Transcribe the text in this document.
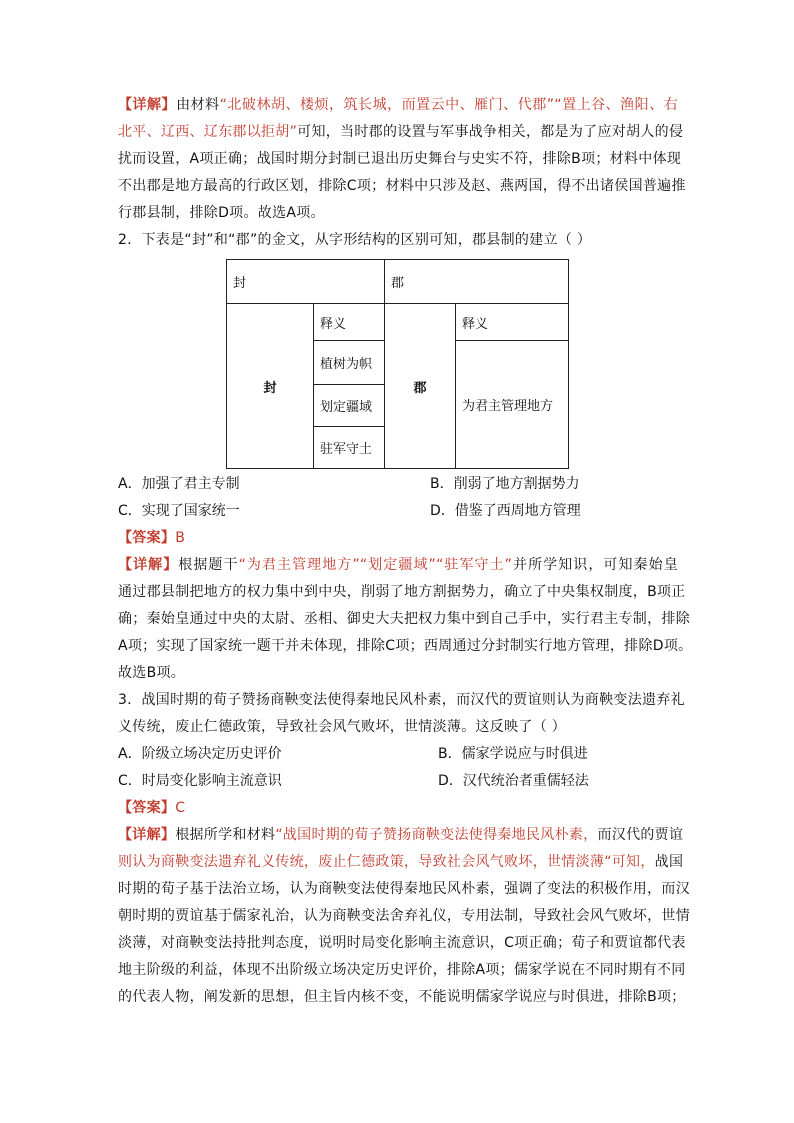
【详解】由材料“北破林胡、楼烦，筑长城，而置云中、雁门、代郡”“置上谷、渔阳、右
北平、辽西、辽东郡以拒胡”可知，当时郡的设置与军事战争相关，都是为了应对胡人的侵
扰而设置，A项正确；战国时期分封制已退出历史舞台与史实不符，排除B项；材料中体现
不出郡是地方最高的行政区划，排除C项；材料中只涉及赵、燕两国，得不出诸侯国普遍推
行郡县制，排除D项。故选A项。
2．下表是“封”和“郡”的金文，从字形结构的区别可知，郡县制的建立（ ）
封		郡	
封	释义	郡	释义
	植树为帜		为君主管理地方
	划定疆域		
	驻军守土		
A．加强了君主专制	B．削弱了地方割据势力
C．实现了国家统一	D．借鉴了西周地方管理
【答案】B
【详解】根据题干“为君主管理地方”“划定疆域”“驻军守土”并所学知识，可知秦始皇
通过郡县制把地方的权力集中到中央，削弱了地方割据势力，确立了中央集权制度，B项正
确；秦始皇通过中央的太尉、丞相、御史大夫把权力集中到自己手中，实行君主专制，排除
A项；实现了国家统一题干并未体现，排除C项；西周通过分封制实行地方管理，排除D项。
故选B项。
3．战国时期的荀子赞扬商鞅变法使得秦地民风朴素，而汉代的贾谊则认为商鞅变法遗弃礼
义传统，废止仁德政策，导致社会风气败坏，世情淡薄。这反映了（ ）
A．阶级立场决定历史评价	B．儒家学说应与时俱进
C．时局变化影响主流意识	D．汉代统治者重儒轻法
【答案】C
【详解】根据所学和材料“战国时期的荀子赞扬商鞅变法使得秦地民风朴素，而汉代的贾谊
则认为商鞅变法遗弃礼义传统，废止仁德政策，导致社会风气败坏，世情淡薄“可知，战国
时期的荀子基于法治立场，认为商鞅变法使得秦地民风朴素，强调了变法的积极作用，而汉
朝时期的贾谊基于儒家礼治，认为商鞅变法舍弃礼仪，专用法制，导致社会风气败坏，世情
淡薄，对商鞅变法持批判态度，说明时局变化影响主流意识，C项正确；荀子和贾谊都代表
地主阶级的利益，体现不出阶级立场决定历史评价，排除A项；儒家学说在不同时期有不同
的代表人物，阐发新的思想，但主旨内核不变，不能说明儒家学说应与时俱进，排除B项；
